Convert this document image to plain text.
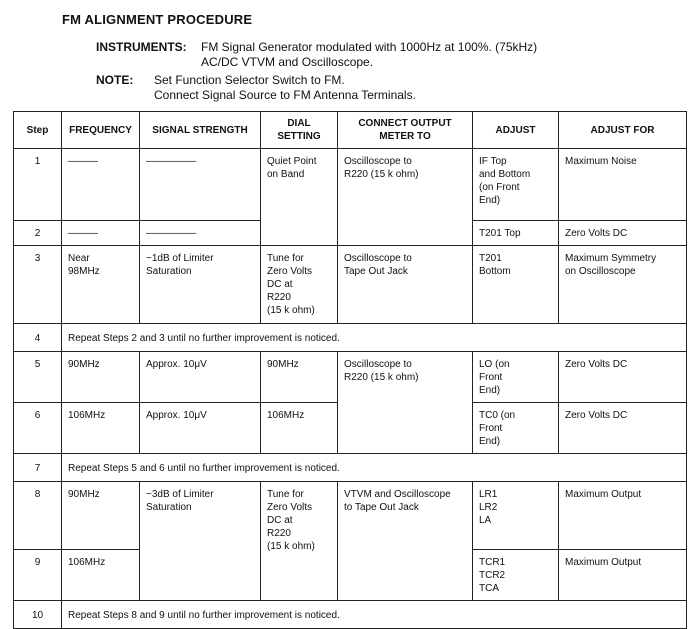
FM ALIGNMENT PROCEDURE
INSTRUMENTS: FM Signal Generator modulated with 1000Hz at 100%. (75kHz)
AC/DC VTVM and Oscilloscope.
NOTE: Set Function Selector Switch to FM.
Connect Signal Source to FM Antenna Terminals.
Step	FREQUENCY	SIGNAL STRENGTH	DIAL
SETTING	CONNECT OUTPUT
METER TO	ADJUST	ADJUST FOR

1	———	—————	Quiet Point
on Band	Oscilloscope to
R220 (15 k ohm)	IF Top
and Bottom
(on Front
End)	Maximum Noise

2	———	—————			T201 Top	Zero Volts DC

3	Near
98MHz	−1dB of Limiter
Saturation	Tune for
Zero Volts
DC at
R220
(15 k ohm)	Oscilloscope to
Tape Out Jack	T201
Bottom	Maximum Symmetry
on Oscilloscope

4	Repeat Steps 2 and 3 until no further improvement is noticed.					

5	90MHz	Approx. 10μV	90MHz	Oscilloscope to
R220 (15 k ohm)	LO (on
Front
End)	Zero Volts DC

6	106MHz	Approx. 10μV	106MHz		TC0 (on
Front
End)	Zero Volts DC

7	Repeat Steps 5 and 6 until no further improvement is noticed.					

8	90MHz	−3dB of Limiter
Saturation	Tune for
Zero Volts
DC at
R220
(15 k ohm)	VTVM and Oscilloscope
to Tape Out Jack	LR1
LR2
LA	Maximum Output

9	106MHz				TCR1
TCR2
TCA	Maximum Output

10	Repeat Steps 8 and 9 until no further improvement is noticed.					
